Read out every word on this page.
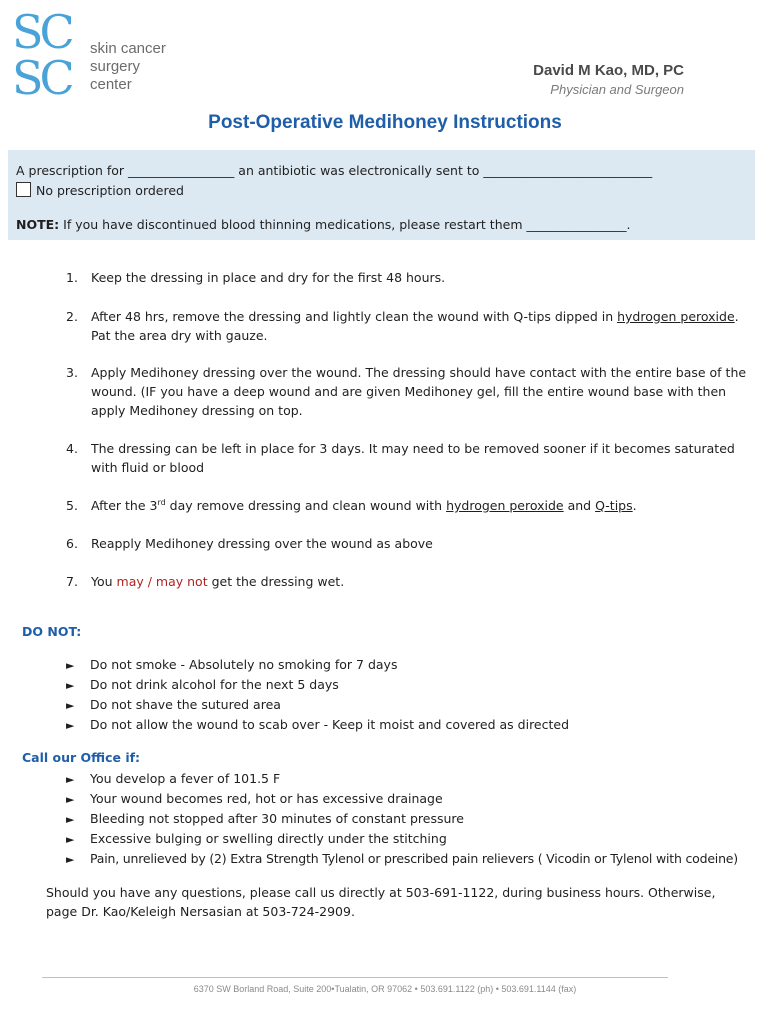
SC
SC
skin cancer
surgery center
David M Kao, MD, PC
Physician and Surgeon
Post-Operative Medihoney Instructions
A prescription for _________________ an antibiotic was electronically sent to ___________________________
No prescription ordered
NOTE: If you have discontinued blood thinning medications, please restart them ________________.
1.	Keep the dressing in place and dry for the first 48 hours.
2.	After 48 hrs, remove the dressing and lightly clean the wound with Q-tips dipped in hydrogen peroxide. Pat the area dry with gauze.
3.	Apply Medihoney dressing over the wound. The dressing should have contact with the entire base of the wound. (IF you have a deep wound and are given Medihoney gel, fill the entire wound base with then apply Medihoney dressing on top.
4.	The dressing can be left in place for 3 days. It may need to be removed sooner if it becomes saturated with fluid or blood
5.	After the 3rd day remove dressing and clean wound with hydrogen peroxide and Q-tips.
6.	Reapply Medihoney dressing over the wound as above
7.	You may / may not get the dressing wet.
DO NOT:
► Do not smoke - Absolutely no smoking for 7 days
► Do not drink alcohol for the next 5 days
► Do not shave the sutured area
► Do not allow the wound to scab over - Keep it moist and covered as directed
Call our Office if:
► You develop a fever of 101.5 F
► Your wound becomes red, hot or has excessive drainage
► Bleeding not stopped after 30 minutes of constant pressure
► Excessive bulging or swelling directly under the stitching
► Pain, unrelieved by (2) Extra Strength Tylenol or prescribed pain relievers ( Vicodin or Tylenol with codeine)
Should you have any questions, please call us directly at 503-691-1122, during business hours. Otherwise,
page Dr. Kao/Keleigh Nersasian at 503-724-2909.
6370 SW Borland Road, Suite 200•Tualatin, OR 97062 • 503.691.1122 (ph) • 503.691.1144 (fax)
